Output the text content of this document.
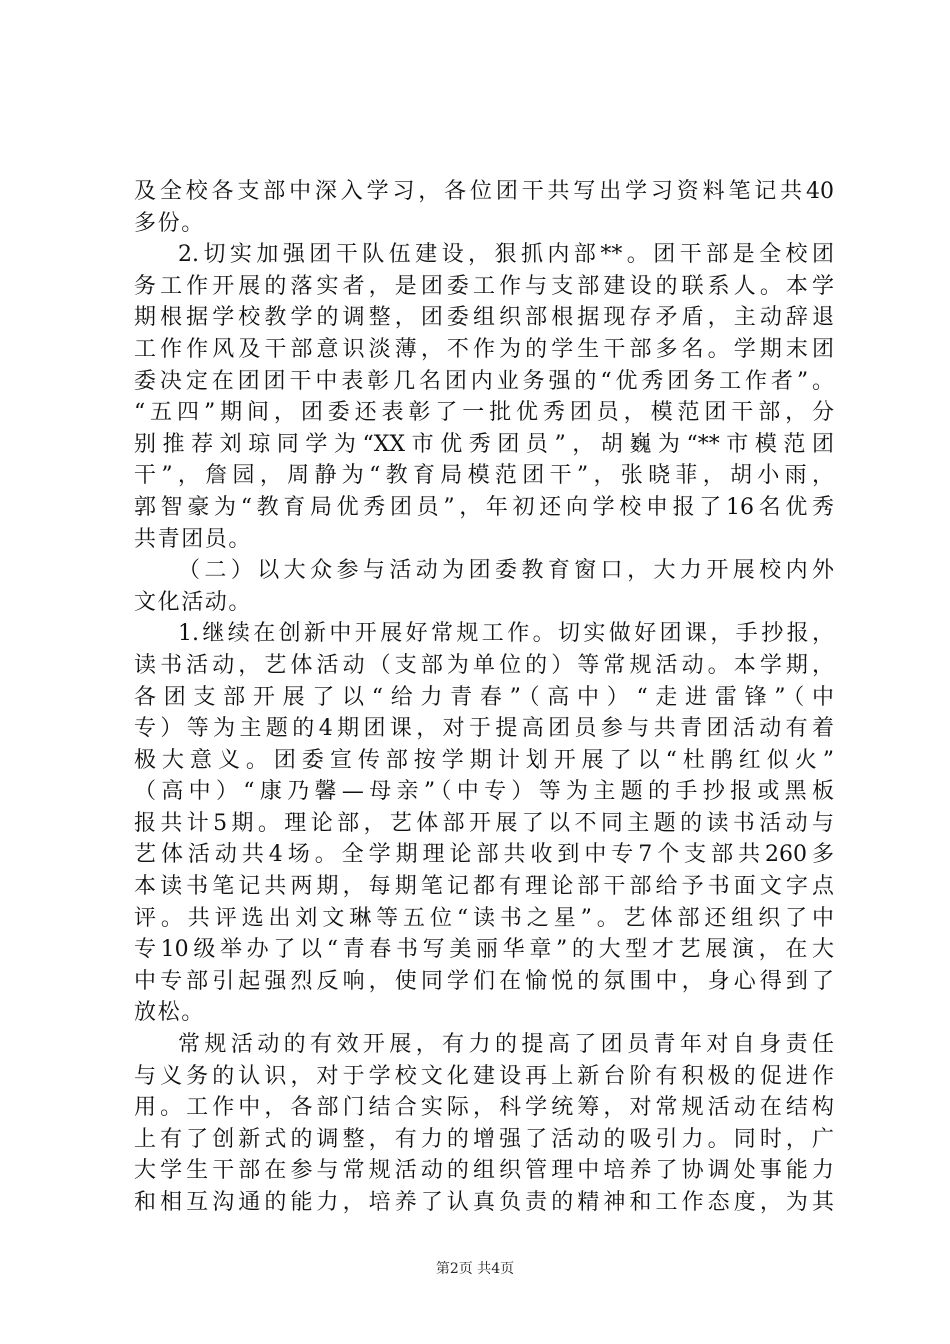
及全校各支部中深入学习，各位团干共写出学习资料笔记共40
多份。
2.切实加强团干队伍建设，狠抓内部**。团干部是全校团
务工作开展的落实者，是团委工作与支部建设的联系人。本学
期根据学校教学的调整，团委组织部根据现存矛盾，主动辞退
工作作风及干部意识淡薄，不作为的学生干部多名。学期末团
委决定在团团干中表彰几名团内业务强的“优秀团务工作者”。
“五四”期间，团委还表彰了一批优秀团员，模范团干部，分
别推荐刘琼同学为“XX市优秀团员”，胡巍为“**市模范团
干”，詹园，周静为“教育局模范团干”，张晓菲，胡小雨，
郭智豪为“教育局优秀团员”，年初还向学校申报了16名优秀
共青团员。
（二）以大众参与活动为团委教育窗口，大力开展校内外
文化活动。
1.继续在创新中开展好常规工作。切实做好团课，手抄报，
读书活动，艺体活动（支部为单位的）等常规活动。本学期，
各团支部开展了以“给力青春”（高中）“走进雷锋”（中
专）等为主题的4期团课，对于提高团员参与共青团活动有着
极大意义。团委宣传部按学期计划开展了以“杜鹃红似火”
（高中）“康乃馨—母亲”（中专）等为主题的手抄报或黑板
报共计5期。理论部，艺体部开展了以不同主题的读书活动与
艺体活动共4场。全学期理论部共收到中专7个支部共260多
本读书笔记共两期，每期笔记都有理论部干部给予书面文字点
评。共评选出刘文琳等五位“读书之星”。艺体部还组织了中
专10级举办了以“青春书写美丽华章”的大型才艺展演，在大
中专部引起强烈反响，使同学们在愉悦的氛围中，身心得到了
放松。
常规活动的有效开展，有力的提高了团员青年对自身责任
与义务的认识，对于学校文化建设再上新台阶有积极的促进作
用。工作中，各部门结合实际，科学统筹，对常规活动在结构
上有了创新式的调整，有力的增强了活动的吸引力。同时，广
大学生干部在参与常规活动的组织管理中培养了协调处事能力
和相互沟通的能力，培养了认真负责的精神和工作态度，为其
第2页 共4页
